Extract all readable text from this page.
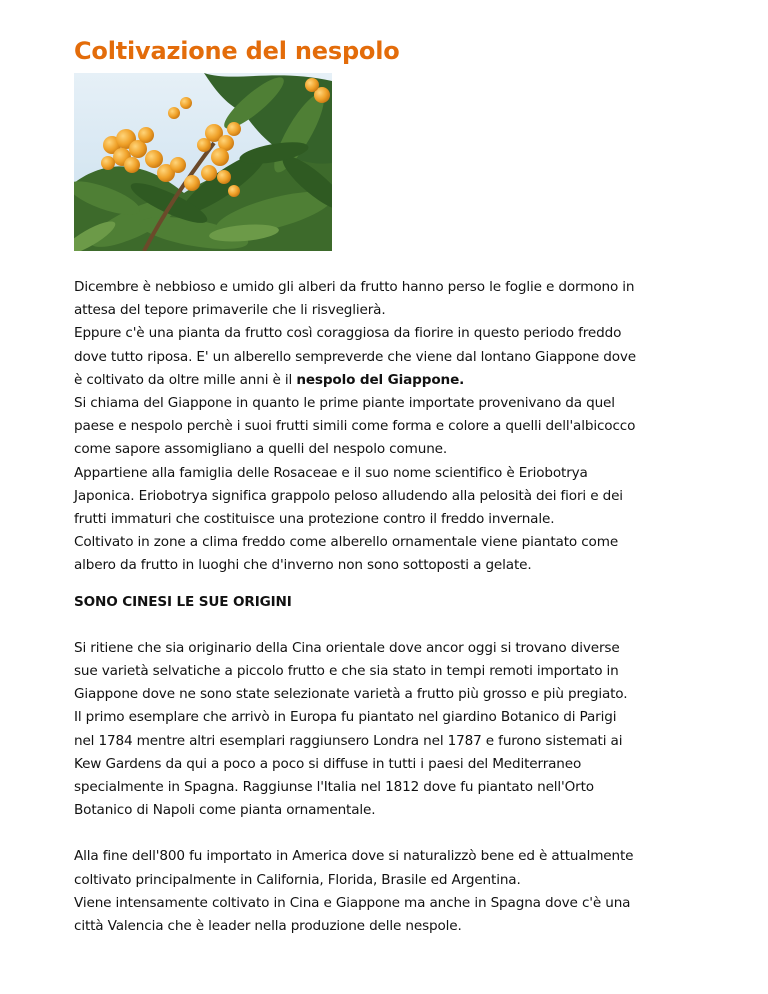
Coltivazione del nespolo

Dicembre è nebbioso e umido gli alberi da frutto hanno perso le foglie e dormono in
attesa del tepore primaverile che li risveglierà.
Eppure c'è una pianta da frutto così coraggiosa da fiorire in questo periodo freddo
dove tutto riposa. E' un alberello sempreverde che viene dal lontano Giappone dove
è coltivato da oltre mille anni è il nespolo del Giappone.
Si chiama del Giappone in quanto le prime piante importate provenivano da quel
paese e nespolo perchè i suoi frutti simili come forma e colore a quelli dell'albicocco
come sapore assomigliano a quelli del nespolo comune.
Appartiene alla famiglia delle Rosaceae e il suo nome scientifico è Eriobotrya
Japonica. Eriobotrya significa grappolo peloso alludendo alla pelosità dei fiori e dei
frutti immaturi che costituisce una protezione contro il freddo invernale.
Coltivato in zone a clima freddo come alberello ornamentale viene piantato come
albero da frutto in luoghi che d'inverno non sono sottoposti a gelate.

SONO CINESI LE SUE ORIGINI

Si ritiene che sia originario della Cina orientale dove ancor oggi si trovano diverse
sue varietà selvatiche a piccolo frutto e che sia stato in tempi remoti importato in
Giappone dove ne sono state selezionate varietà a frutto più grosso e più pregiato.
Il primo esemplare che arrivò in Europa fu piantato nel giardino Botanico di Parigi
nel 1784 mentre altri esemplari raggiunsero Londra nel 1787 e furono sistemati ai
Kew Gardens da qui a poco a poco si diffuse in tutti i paesi del Mediterraneo
specialmente in Spagna. Raggiunse l'Italia nel 1812 dove fu piantato nell'Orto
Botanico di Napoli come pianta ornamentale.

Alla fine dell'800 fu importato in America dove si naturalizzò bene ed è attualmente
coltivato principalmente in California, Florida, Brasile ed Argentina.
Viene intensamente coltivato in Cina e Giappone ma anche in Spagna dove c'è una
città Valencia che è leader nella produzione delle nespole.
